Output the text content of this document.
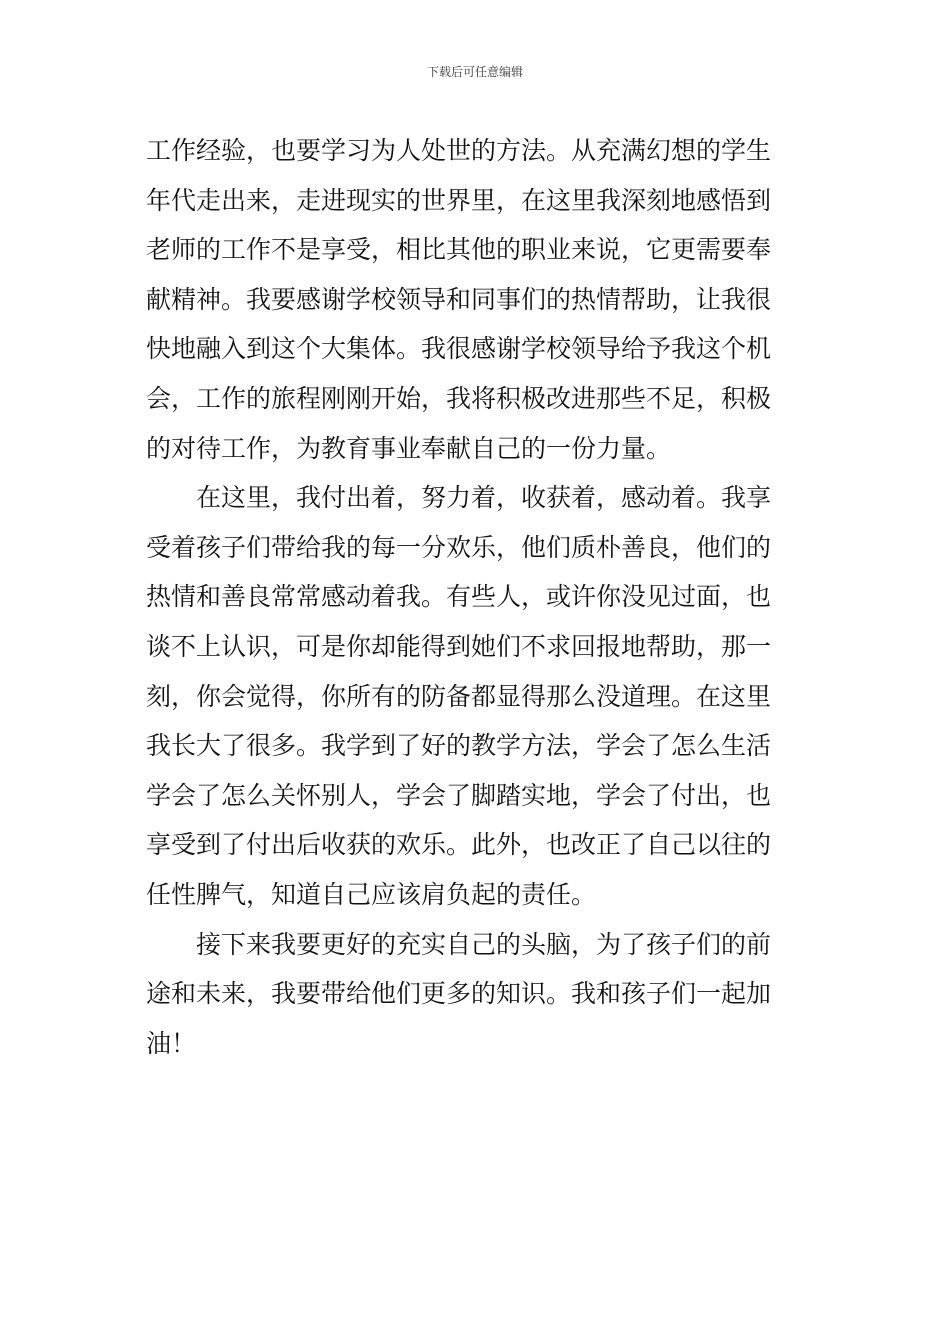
下载后可任意编辑
工作经验，也要学习为人处世的方法。从充满幻想的学生
年代走出来，走进现实的世界里，在这里我深刻地感悟到
老师的工作不是享受，相比其他的职业来说，它更需要奉
献精神。我要感谢学校领导和同事们的热情帮助，让我很
快地融入到这个大集体。我很感谢学校领导给予我这个机
会，工作的旅程刚刚开始，我将积极改进那些不足，积极
的对待工作，为教育事业奉献自己的一份力量。
　　在这里，我付出着，努力着，收获着，感动着。我享
受着孩子们带给我的每一分欢乐，他们质朴善良，他们的
热情和善良常常感动着我。有些人，或许你没见过面，也
谈不上认识，可是你却能得到她们不求回报地帮助，那一
刻，你会觉得，你所有的防备都显得那么没道理。在这里
我长大了很多。我学到了好的教学方法，学会了怎么生活
学会了怎么关怀别人，学会了脚踏实地，学会了付出，也
享受到了付出后收获的欢乐。此外，也改正了自己以往的
任性脾气，知道自己应该肩负起的责任。
　　接下来我要更好的充实自己的头脑，为了孩子们的前
途和未来，我要带给他们更多的知识。我和孩子们一起加
油！
